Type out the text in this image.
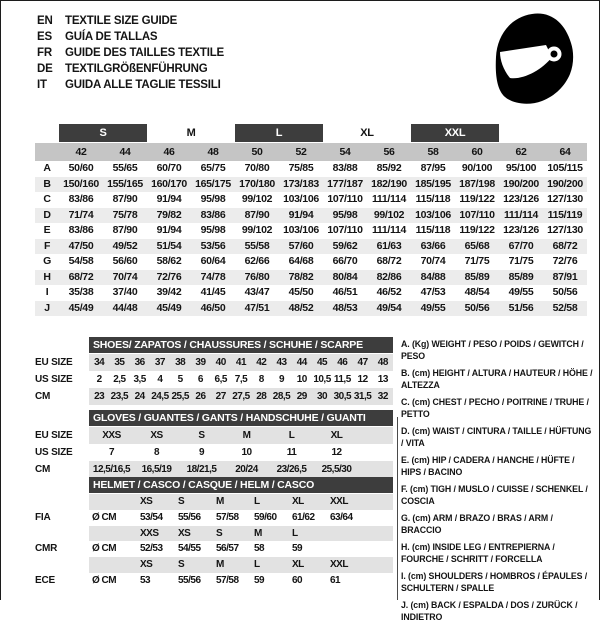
EN	TEXTILE SIZE GUIDE
ES	GUÍA DE TALLAS
FR	GUIDE DES TAILLES TEXTILE
DE	TEXTILGRÖßENFÜHRUNG
IT	GUIDA ALLE TAGLIE TESSILI
S	M	L	XL	XXL
42	44	46	48	50	52	54	56	58	60	62	64
A	50/60	55/65	60/70	65/75	70/80	75/85	83/88	85/92	87/95	90/100	95/100	105/115
B	150/160 155/165 160/170 165/175 170/180 173/183 177/187 182/190 185/195 187/198 190/200 190/200
C	83/86	87/90	91/94	95/98	99/102	103/106 107/110 111/114 115/118 119/122 123/126 127/130
D	71/74	75/78	79/82	83/86	87/90	91/94	95/98	99/102	103/106 107/110 111/114 115/119
E	83/86	87/90	91/94	95/98	99/102	103/106 107/110 111/114 115/118 119/122 123/126 127/130
F	47/50	49/52	51/54	53/56	55/58	57/60	59/62	61/63	63/66	65/68	67/70	68/72
G	54/58	56/60	58/62	60/64	62/66	64/68	66/70	68/72	70/74	71/75	71/75	72/76
H	68/72	70/74	72/76	74/78	76/80	78/82	80/84	82/86	84/88	85/89	85/89	87/91
I	35/38	37/40	39/42	41/45	43/47	45/50	46/51	46/52	47/53	48/54	49/55	50/56
J	45/49	44/48	45/49	46/50	47/51	48/52	48/53	49/54	49/55	50/56	51/56	52/58
SHOES/ ZAPATOS / CHAUSSURES / SCHUHE / SCARPE
EU SIZE	34	35	36	37	38	39	40	41	42	43	44	45	46	47	48
US SIZE	2	2,5 3,5	4	5	6	6,5 7,5	8	9	10 10,5 11,5 12	13
CM	23 23,5 24 24,5 25,5 26	27 27,5 28 28,5 29	30 30,5 31,5 32
GLOVES / GUANTES / GANTS / HANDSCHUHE / GUANTI
EU SIZE	XXS	XS	S	M	L	XL
US SIZE	7	8	9	10	11	12
CM	12,5/16,5	16,5/19	18/21,5	20/24	23/26,5	25,5/30
HELMET / CASCO / CASQUE / HELM / CASCO
XS	S	M	L	XL	XXL
FIA	Ø CM	53/54	55/56	57/58	59/60	61/62	63/64
XXS	XS	S	M	L
CMR	Ø CM	52/53	54/55	56/57	58	59
XS	S	M	L	XL	XXL
ECE	Ø CM	53	55/56	57/58	59	60	61
A. (Kg) WEIGHT / PESO / POIDS / GEWITCH / PESO
B. (cm) HEIGHT / ALTURA / HAUTEUR / HÖHE / ALTEZZA
C. (cm) CHEST / PECHO / POITRINE / TRUHE / PETTO
D. (cm) WAIST / CINTURA / TAILLE / HÜFTUNG / VITA
E. (cm) HIP / CADERA / HANCHE / HÜFTE / HIPS / BACINO
F. (cm) TIGH / MUSLO / CUISSE / SCHENKEL / COSCIA
G. (cm) ARM / BRAZO / BRAS / ARM / BRACCIO
H. (cm) INSIDE LEG / ENTREPIERNA / FOURCHE / SCHRITT / FORCELLA
I. (cm) SHOULDERS / HOMBROS / ÉPAULES / SCHULTERN / SPALLE
J. (cm) BACK / ESPALDA / DOS / ZURÜCK / INDIETRO
